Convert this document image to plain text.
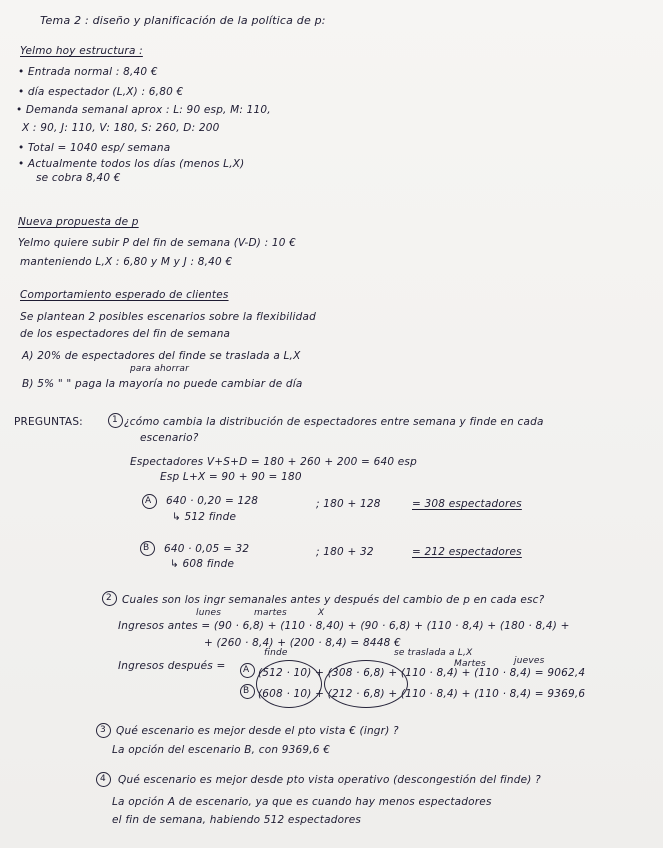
Tema 2 : diseño y planificación de la política de p:
Yelmo hoy estructura :
• Entrada normal : 8,40 €
• día espectador (L,X) : 6,80 €
• Demanda semanal aprox : L: 90 esp, M: 110,
X : 90, J: 110, V: 180, S: 260, D: 200
• Total = 1040 esp/ semana
• Actualmente todos los días (menos L,X)
se cobra 8,40 €
Nueva propuesta de p
Yelmo quiere subir P del fin de semana (V-D) : 10 €
manteniendo L,X : 6,80 y M y J : 8,40 €
Comportamiento esperado de clientes
Se plantean 2 posibles escenarios sobre la flexibilidad
de los espectadores del fin de semana
A) 20% de espectadores del finde se traslada a L,X
para ahorrar
B) 5% " " paga la mayoría no puede cambiar de día
PREGUNTAS:	1 ¿cómo cambia la distribución de espectadores entre semana y finde en cada
escenario?
Espectadores V+S+D = 180 + 260 + 200 = 640 esp
Esp L+X = 90 + 90 = 180
A 640 · 0,20 = 128
↳ 512 finde
; 180 + 128	= 308 espectadores
B 640 · 0,05 = 32
↳ 608 finde
; 180 + 32	= 212 espectadores
2 Cuales son los ingr semanales antes y después del cambio de p en cada esc?
lunes	martes	X
Ingresos antes = (90 · 6,8) + (110 · 8,40) + (90 · 6,8) + (110 · 8,4) + (180 · 8,4) +
+ (260 · 8,4) + (200 · 8,4) = 8448 €
finde	se traslada a L,X
Martes	jueves
Ingresos después = A (512 · 10) + (308 · 6,8) + (110 · 8,4) + (110 · 8,4) = 9062,4
B (608 · 10) + (212 · 6,8) + (110 · 8,4) + (110 · 8,4) = 9369,6
3 Qué escenario es mejor desde el pto vista € (ingr) ?
La opción del escenario B, con 9369,6 €
4 Qué escenario es mejor desde pto vista operativo (descongestión del finde) ?
La opción A de escenario, ya que es cuando hay menos espectadores
el fin de semana, habiendo 512 espectadores
